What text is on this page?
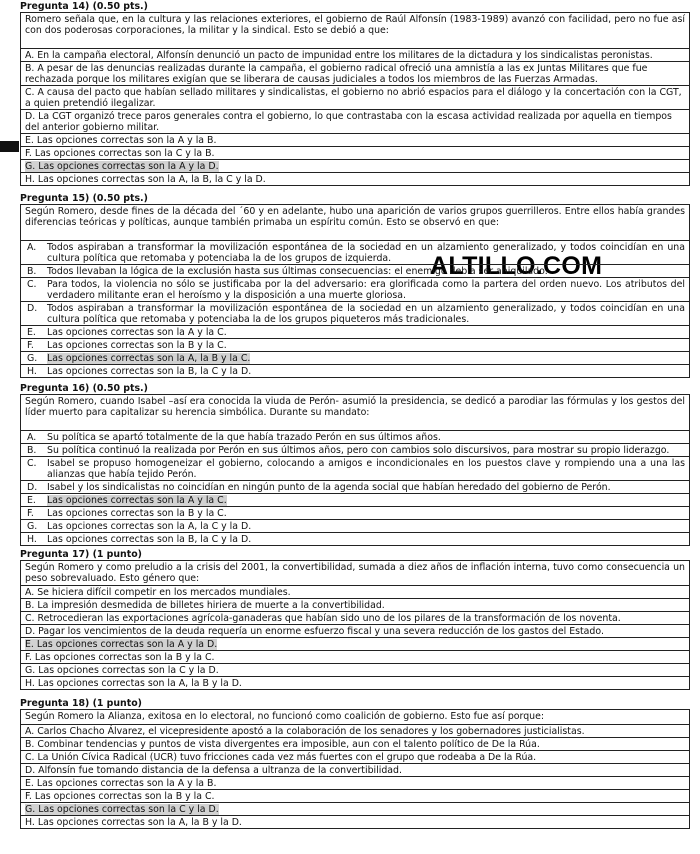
ALTILLO.COM
Pregunta 14) (0.50 pts.)
Romero señala que, en la cultura y las relaciones exteriores, el gobierno de Raúl Alfonsín (1983-1989) avanzó con facilidad, pero no fue así con dos poderosas corporaciones, la militar y la sindical. Esto se debió a que:
A. En la campaña electoral, Alfonsín denunció un pacto de impunidad entre los militares de la dictadura y los sindicalistas peronistas.
B. A pesar de las denuncias realizadas durante la campaña, el gobierno radical ofreció una amnistía a las ex Juntas Militares que fue rechazada porque los militares exigían que se liberara de causas judiciales a todos los miembros de las Fuerzas Armadas.
C. A causa del pacto que habían sellado militares y sindicalistas, el gobierno no abrió espacios para el diálogo y la concertación con la CGT, a quien pretendió ilegalizar.
D. La CGT organizó trece paros generales contra el gobierno, lo que contrastaba con la escasa actividad realizada por aquella en tiempos del anterior gobierno militar.
E. Las opciones correctas son la A y la B.
F. Las opciones correctas son la C y la B.
G. Las opciones correctas son la A y la D.
H. Las opciones correctas son la A, la B, la C y la D.
Pregunta 15) (0.50 pts.)
Según Romero, desde fines de la década del ´60 y en adelante, hubo una aparición de varios grupos guerrilleros. Entre ellos había grandes diferencias teóricas y políticas, aunque también primaba un espíritu común. Esto se observó en que:
A.	Todos aspiraban a transformar la movilización espontánea de la sociedad en un alzamiento generalizado, y todos coincidían en una cultura política que retomaba y potenciaba la de los grupos de izquierda.
B.	Todos llevaban la lógica de la exclusión hasta sus últimas consecuencias: el enemigo debía ser aniquilado.
C.	Para todos, la violencia no sólo se justificaba por la del adversario: era glorificada como la partera del orden nuevo. Los atributos del verdadero militante eran el heroísmo y la disposición a una muerte gloriosa.
D.	Todos aspiraban a transformar la movilización espontánea de la sociedad en un alzamiento generalizado, y todos coincidían en una cultura política que retomaba y potenciaba la de los grupos piqueteros más tradicionales.
E.	Las opciones correctas son la A y la C.
F.	Las opciones correctas son la B y la C.
G.	Las opciones correctas son la A, la B y la C.
H.	Las opciones correctas son la B, la C y la D.
Pregunta 16) (0.50 pts.)
Según Romero, cuando Isabel –así era conocida la viuda de Perón- asumió la presidencia, se dedicó a parodiar las fórmulas y los gestos del líder muerto para capitalizar su herencia simbólica. Durante su mandato:
A.	Su política se apartó totalmente de la que había trazado Perón en sus últimos años.
B.	Su política continuó la realizada por Perón en sus últimos años, pero con cambios solo discursivos, para mostrar su propio liderazgo.
C.	Isabel se propuso homogeneizar el gobierno, colocando a amigos e incondicionales en los puestos clave y rompiendo una a una las alianzas que había tejido Perón.
D.	Isabel y los sindicalistas no coincidían en ningún punto de la agenda social que habían heredado del gobierno de Perón.
E.	Las opciones correctas son la A y la C.
F.	Las opciones correctas son la B y la C.
G.	Las opciones correctas son la A, la C y la D.
H.	Las opciones correctas son la B, la C y la D.
Pregunta 17) (1 punto)
Según Romero y como preludio a la crisis del 2001, la convertibilidad, sumada a diez años de inflación interna, tuvo como consecuencia un peso sobrevaluado. Esto género que:
A. Se hiciera difícil competir en los mercados mundiales.
B. La impresión desmedida de billetes hiriera de muerte a la convertibilidad.
C. Retrocedieran las exportaciones agrícola-ganaderas que habían sido uno de los pilares de la transformación de los noventa.
D. Pagar los vencimientos de la deuda requería un enorme esfuerzo fiscal y una severa reducción de los gastos del Estado.
E. Las opciones correctas son la A y la D.
F. Las opciones correctas son la B y la C.
G. Las opciones correctas son la C y la D.
H. Las opciones correctas son la A, la B y la D.
Pregunta 18) (1 punto)
Según Romero la Alianza, exitosa en lo electoral, no funcionó como coalición de gobierno. Esto fue así porque:
A. Carlos Chacho Álvarez, el vicepresidente apostó a la colaboración de los senadores y los gobernadores justicialistas.
B. Combinar tendencias y puntos de vista divergentes era imposible, aun con el talento político de De la Rúa.
C. La Unión Cívica Radical (UCR) tuvo fricciones cada vez más fuertes con el grupo que rodeaba a De la Rúa.
D. Alfonsín fue tomando distancia de la defensa a ultranza de la convertibilidad.
E. Las opciones correctas son la A y la B.
F. Las opciones correctas son la B y la C.
G. Las opciones correctas son la C y la D.
H. Las opciones correctas son la A, la B y la D.
